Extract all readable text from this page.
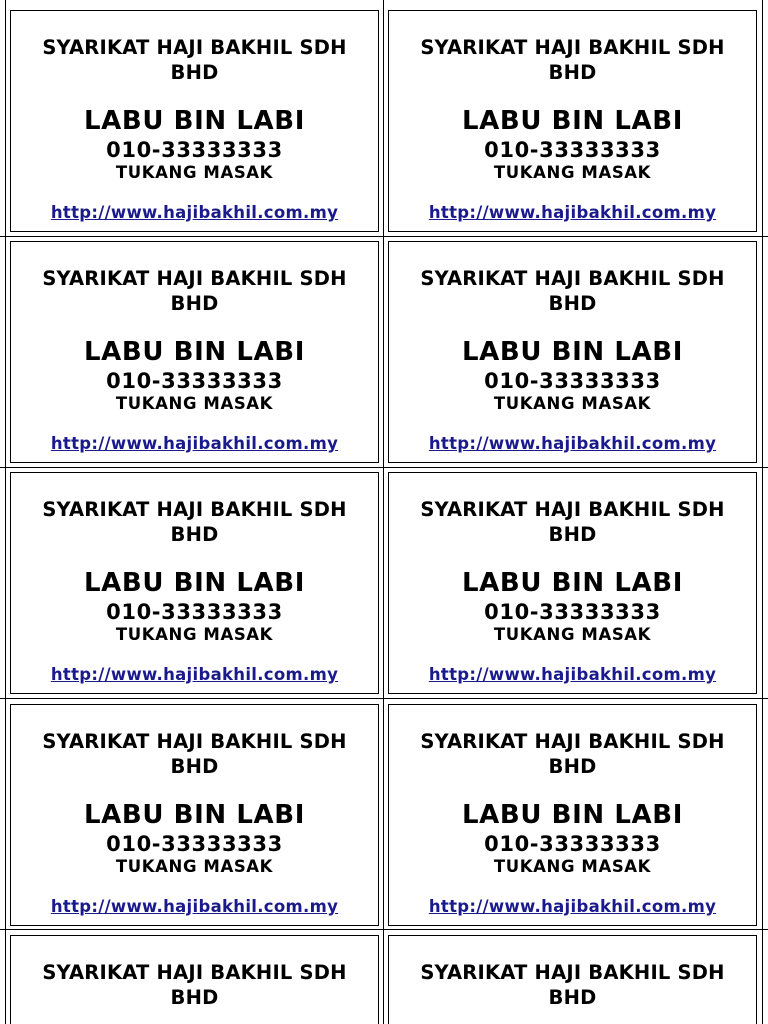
SYARIKAT HAJI BAKHIL SDH
BHD
LABU BIN LABI
010-33333333
TUKANG MASAK
http://www.hajibakhil.com.my
SYARIKAT HAJI BAKHIL SDH
BHD
LABU BIN LABI
010-33333333
TUKANG MASAK
http://www.hajibakhil.com.my
SYARIKAT HAJI BAKHIL SDH
BHD
LABU BIN LABI
010-33333333
TUKANG MASAK
http://www.hajibakhil.com.my
SYARIKAT HAJI BAKHIL SDH
BHD
LABU BIN LABI
010-33333333
TUKANG MASAK
http://www.hajibakhil.com.my
SYARIKAT HAJI BAKHIL SDH
BHD
LABU BIN LABI
010-33333333
TUKANG MASAK
http://www.hajibakhil.com.my
SYARIKAT HAJI BAKHIL SDH
BHD
LABU BIN LABI
010-33333333
TUKANG MASAK
http://www.hajibakhil.com.my
SYARIKAT HAJI BAKHIL SDH
BHD
LABU BIN LABI
010-33333333
TUKANG MASAK
http://www.hajibakhil.com.my
SYARIKAT HAJI BAKHIL SDH
BHD
LABU BIN LABI
010-33333333
TUKANG MASAK
http://www.hajibakhil.com.my
SYARIKAT HAJI BAKHIL SDH
BHD
SYARIKAT HAJI BAKHIL SDH
BHD
